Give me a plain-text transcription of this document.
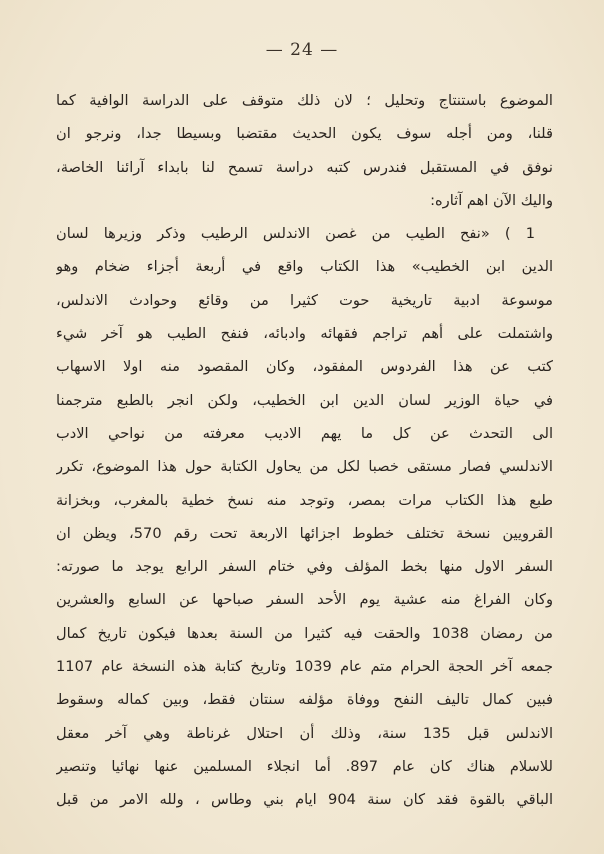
— 24 —
الموضوع باستنتاج وتحليل ؛ لان ذلك متوقف على الدراسة الوافية كما
قلنا، ومن أجله سوف يكون الحديث مقتضبا وبسيطا جدا، ونرجو ان
نوفق في المستقبل فندرس كتبه دراسة تسمح لنا بابداء آرائنا الخاصة،
واليك الآن اهم آثاره:
1 ) «نفح الطيب من غصن الاندلس الرطيب وذكر وزيرها لسان
الدين ابن الخطيب» هذا الكتاب واقع في أربعة أجزاء ضخام وهو
موسوعة ادبية تاريخية حوت كثيرا من وقائع وحوادث الاندلس،
واشتملت على أهم تراجم فقهائه وادبائه، فنفح الطيب هو آخر شيء
كتب عن هذا الفردوس المفقود، وكان المقصود منه اولا الاسهاب
في حياة الوزير لسان الدين ابن الخطيب، ولكن انجر بالطبع مترجمنا
الى التحدث عن كل ما يهم الاديب معرفته من نواحي الادب
الاندلسي فصار مستقى خصبا لكل من يحاول الكتابة حول هذا الموضوع، تكرر
طبع هذا الكتاب مرات بمصر، وتوجد منه نسخ خطية بالمغرب، وبخزانة
القرويين نسخة تختلف خطوط اجزائها الاربعة تحت رقم 570، ويظن ان
السفر الاول منها بخط المؤلف وفي ختام السفر الرابع يوجد ما صورته:
وكان الفراغ منه عشية يوم الأحد السفر صباحها عن السابع والعشرين
من رمضان 1038 والحقت فيه كثيرا من السنة بعدها فيكون تاريخ كمال
جمعه آخر الحجة الحرام متم عام 1039 وتاريخ كتابة هذه النسخة عام 1107
فبين كمال تاليف النفح ووفاة مؤلفه سنتان فقط، وبين كماله وسقوط
الاندلس قبل 135 سنة، وذلك أن احتلال غرناطة وهي آخر معقل
للاسلام هناك كان عام 897. أما انجلاء المسلمين عنها نهائيا وتنصير
الباقي بالقوة فقد كان سنة 904 ايام بني وطاس ، ولله الامر من قبل
